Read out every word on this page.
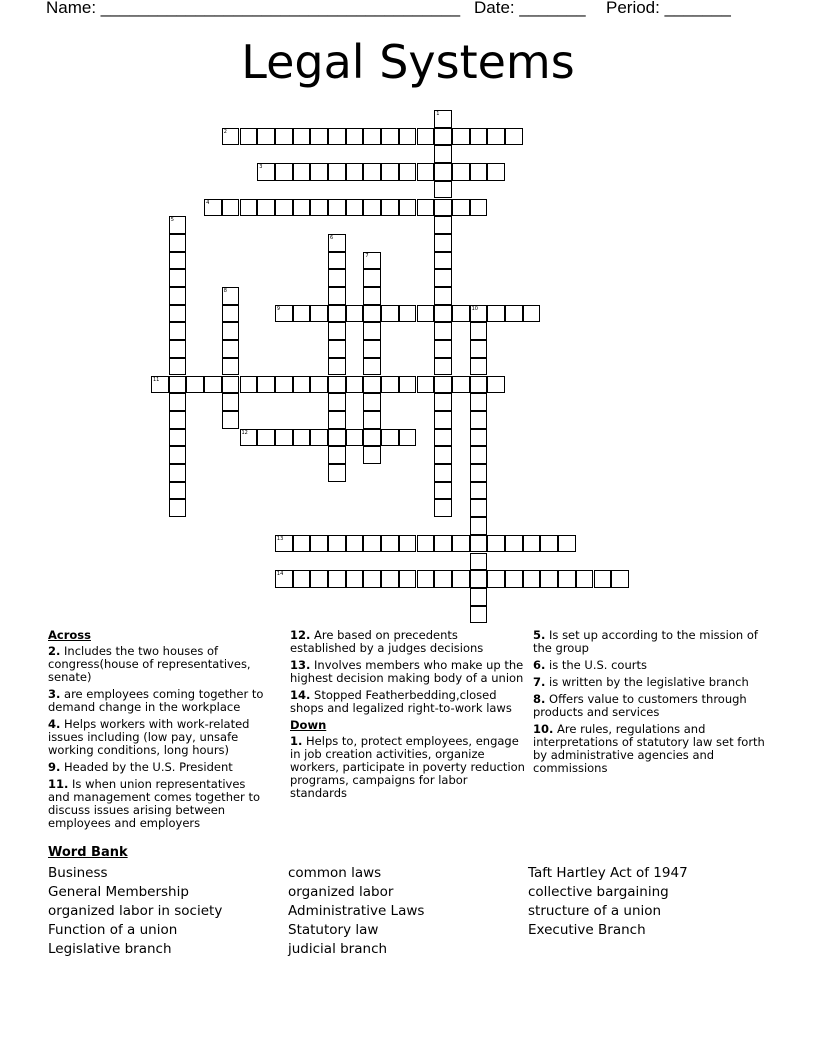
Name: ______________________________________ Date: _______ Period: _______
Legal Systems
1
2
3
4
5
6
7
8
9	10
11
12
13
14
Across
2. Includes the two houses of congress(house of representatives, senate)
3. are employees coming together to demand change in the workplace
4. Helps workers with work-related issues including (low pay, unsafe working conditions, long hours)
9. Headed by the U.S. President
11. Is when union representatives and management comes together to discuss issues arising between employees and employers
12. Are based on precedents established by a judges decisions
13. Involves members who make up the highest decision making body of a union
14. Stopped Featherbedding,closed shops and legalized right-to-work laws
Down
1. Helps to, protect employees, engage in job creation activities, organize workers, participate in poverty reduction programs, campaigns for labor standards
5. Is set up according to the mission of the group
6. is the U.S. courts
7. is written by the legislative branch
8. Offers value to customers through products and services
10. Are rules, regulations and interpretations of statutory law set forth by administrative agencies and commissions
Word Bank
Business
General Membership
organized labor in society
Function of a union
Legislative branch
common laws
organized labor
Administrative Laws
Statutory law
judicial branch
Taft Hartley Act of 1947
collective bargaining
structure of a union
Executive Branch
